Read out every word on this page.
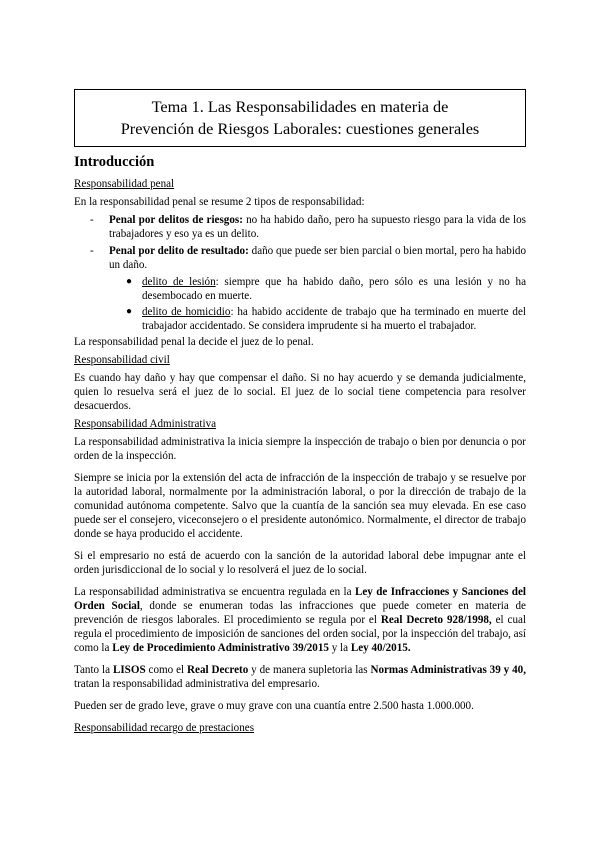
Tema 1. Las Responsabilidades en materia de
Prevención de Riesgos Laborales: cuestiones generales
Introducción
Responsabilidad penal

En la responsabilidad penal se resume 2 tipos de responsabilidad:

- Penal por delitos de riesgos: no ha habido daño, pero ha supuesto riesgo para la vida de los trabajadores y eso ya es un delito.
- Penal por delito de resultado: daño que puede ser bien parcial o bien mortal, pero ha habido un daño.
● delito de lesión: siempre que ha habido daño, pero sólo es una lesión y no ha desembocado en muerte.
● delito de homicidio: ha habido accidente de trabajo que ha terminado en muerte del trabajador accidentado. Se considera imprudente si ha muerto el trabajador.

La responsabilidad penal la decide el juez de lo penal.

Responsabilidad civil

Es cuando hay daño y hay que compensar el daño. Si no hay acuerdo y se demanda judicialmente, quien lo resuelva será el juez de lo social. El juez de lo social tiene competencia para resolver desacuerdos.

Responsabilidad Administrativa

La responsabilidad administrativa la inicia siempre la inspección de trabajo o bien por denuncia o por orden de la inspección.

Siempre se inicia por la extensión del acta de infracción de la inspección de trabajo y se resuelve por la autoridad laboral, normalmente por la administración laboral, o por la dirección de trabajo de la comunidad autónoma competente. Salvo que la cuantía de la sanción sea muy elevada. En ese caso puede ser el consejero, viceconsejero o el presidente autonómico. Normalmente, el director de trabajo donde se haya producido el accidente.

Si el empresario no está de acuerdo con la sanción de la autoridad laboral debe impugnar ante el orden jurisdiccional de lo social y lo resolverá el juez de lo social.

La responsabilidad administrativa se encuentra regulada en la Ley de Infracciones y Sanciones del Orden Social, donde se enumeran todas las infracciones que puede cometer en materia de prevención de riesgos laborales. El procedimiento se regula por el Real Decreto 928/1998, el cual regula el procedimiento de imposición de sanciones del orden social, por la inspección del trabajo, así como la Ley de Procedimiento Administrativo 39/2015 y la Ley 40/2015.

Tanto la LISOS como el Real Decreto y de manera supletoria las Normas Administrativas 39 y 40, tratan la responsabilidad administrativa del empresario.

Pueden ser de grado leve, grave o muy grave con una cuantía entre 2.500 hasta 1.000.000.

Responsabilidad recargo de prestaciones
